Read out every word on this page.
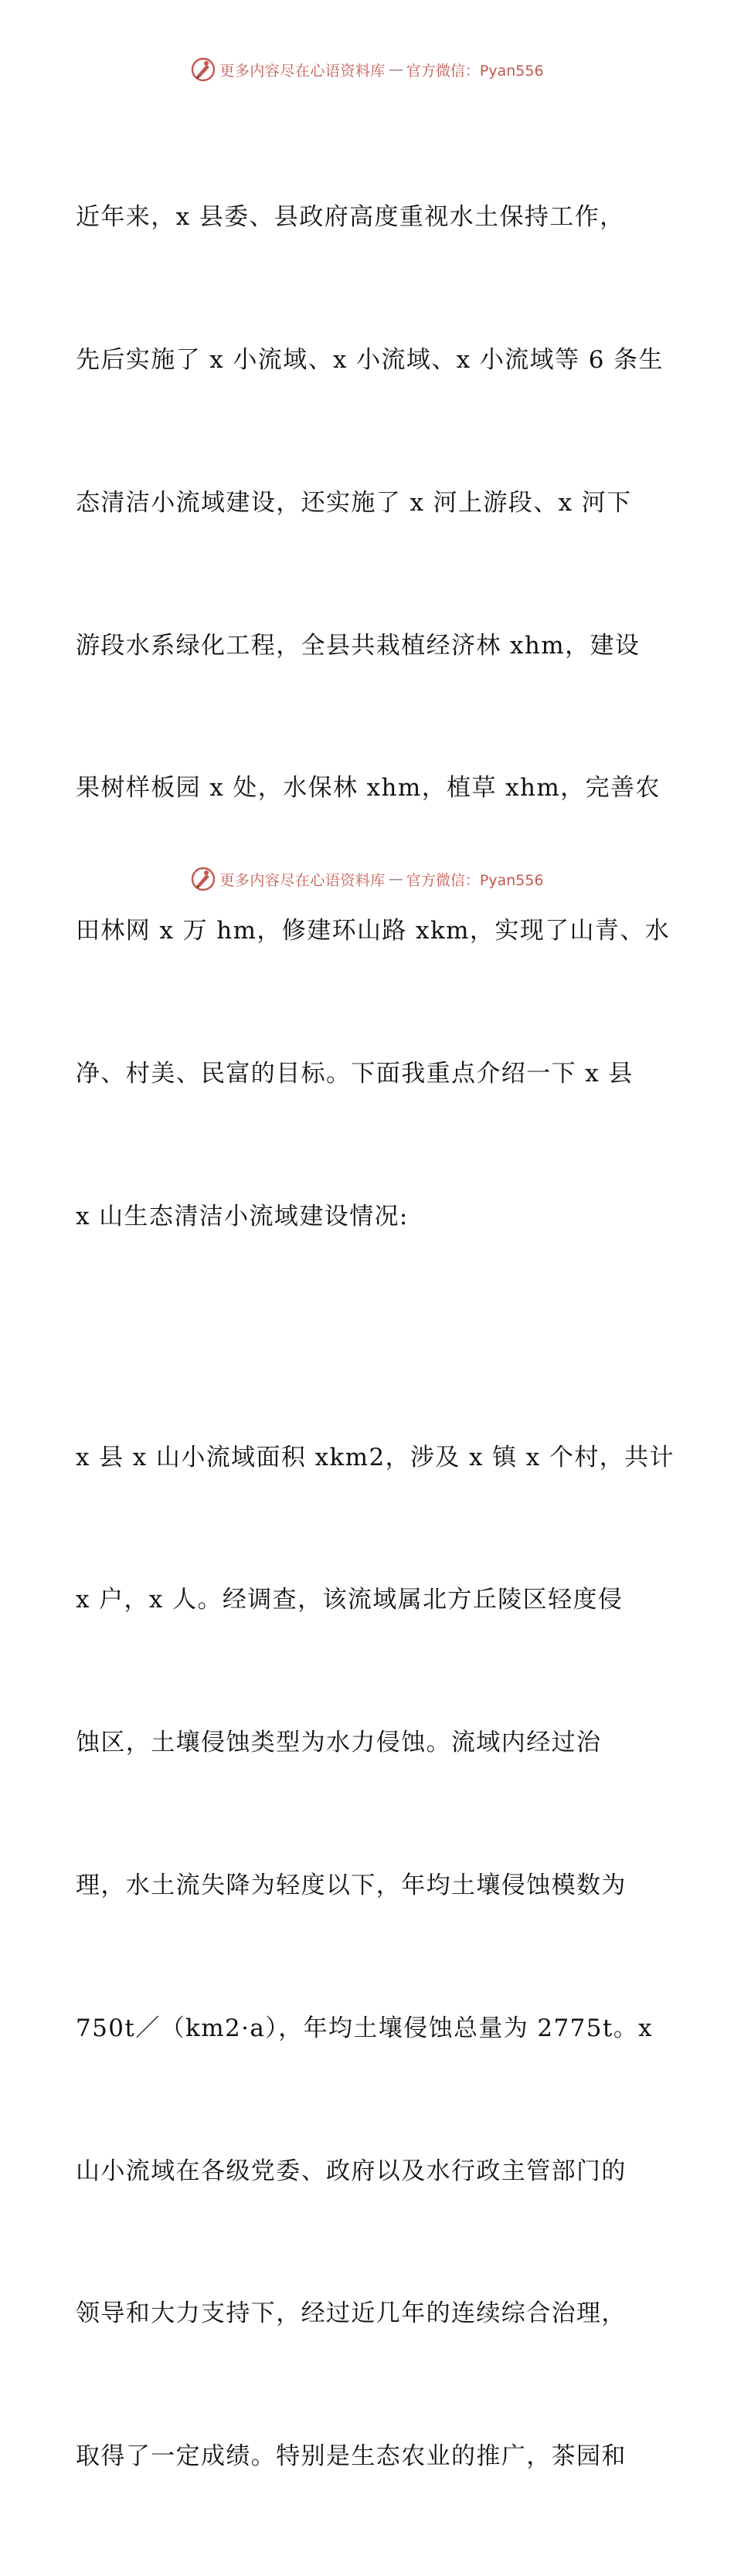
更多内容尽在心语资料库 — 官方微信：Pyan556

近年来，x 县委、县政府高度重视水土保持工作，

先后实施了 x 小流域、x 小流域、x 小流域等 6 条生

态清洁小流域建设，还实施了 x 河上游段、x 河下

游段水系绿化工程，全县共栽植经济林 xhm，建设

果树样板园 x 处，水保林 xhm，植草 xhm，完善农

田林网 x 万 hm，修建环山路 xkm，实现了山青、水

净、村美、民富的目标。下面我重点介绍一下 x 县

x 山生态清洁小流域建设情况:

x 县 x 山小流域面积 xkm2，涉及 x 镇 x 个村，共计

x 户，x 人。经调查，该流域属北方丘陵区轻度侵

蚀区，土壤侵蚀类型为水力侵蚀。流域内经过治

理，水土流失降为轻度以下，年均土壤侵蚀模数为

750t／（km2·a），年均土壤侵蚀总量为 2775t。x

山小流域在各级党委、政府以及水行政主管部门的

领导和大力支持下，经过近几年的连续综合治理，

取得了一定成绩。特别是生态农业的推广，茶园和

更多内容尽在心语资料库 — 官方微信：Pyan556
